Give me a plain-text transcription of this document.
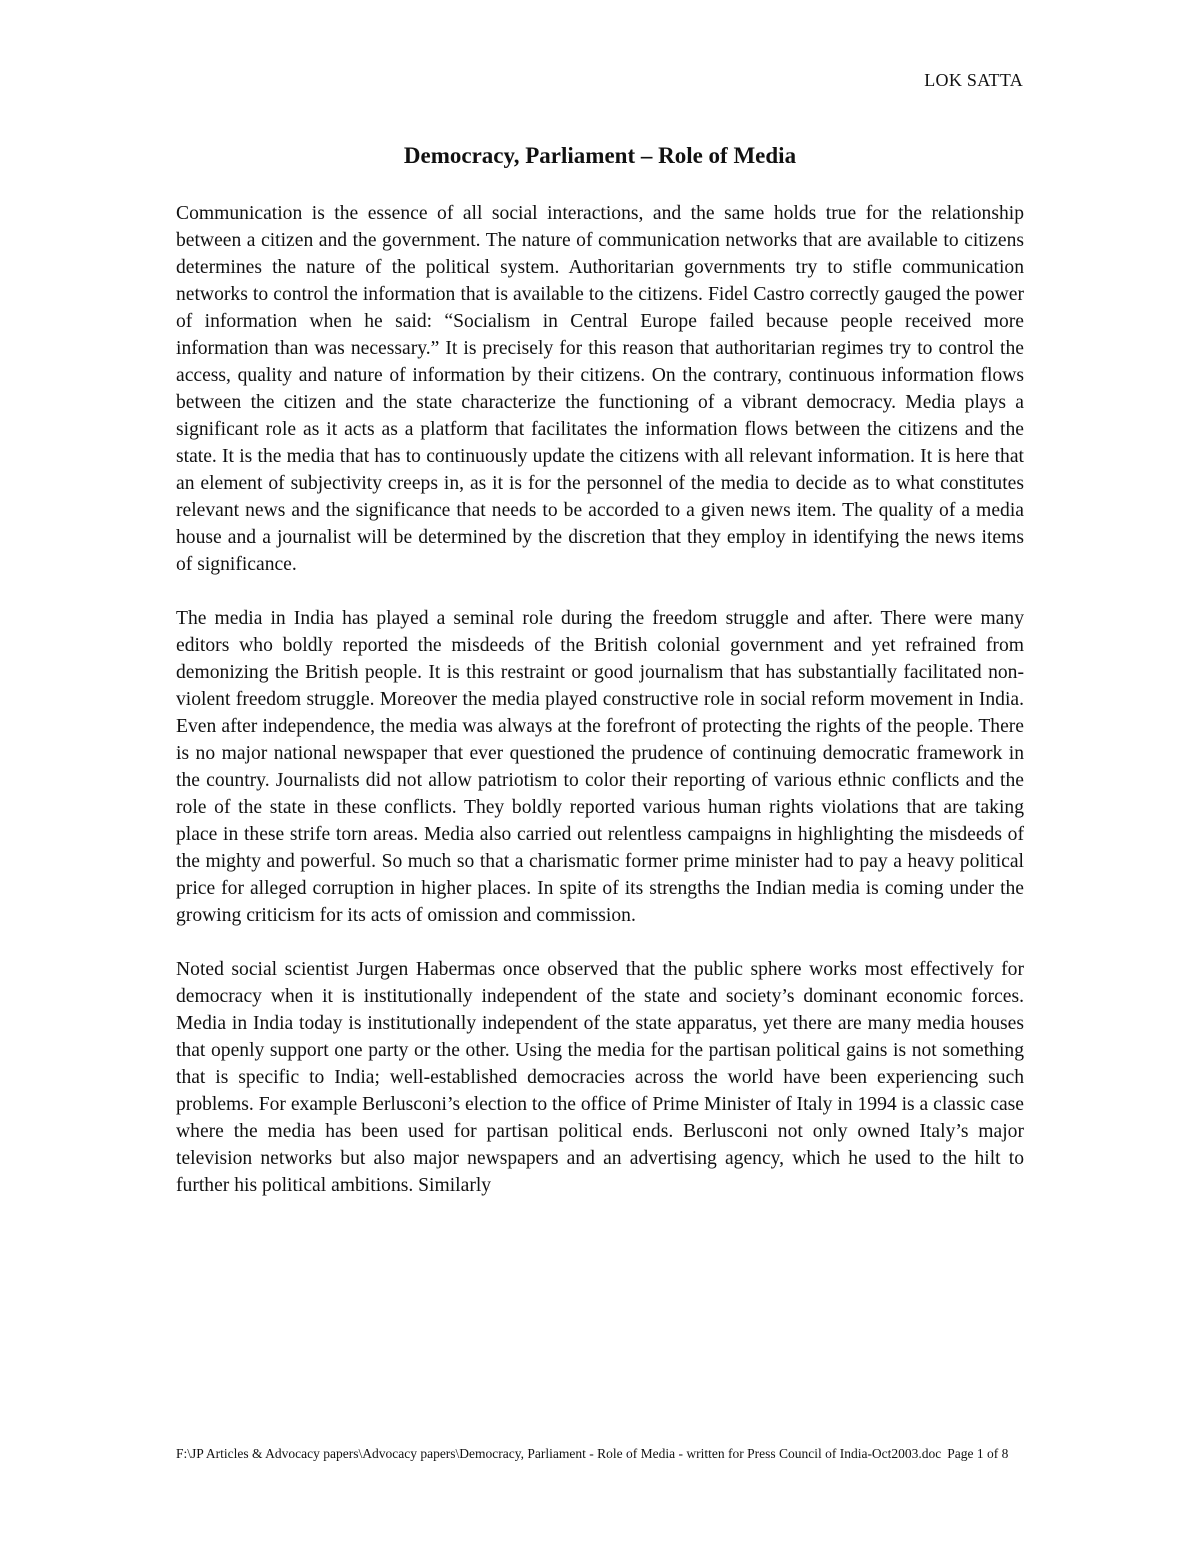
LOK SATTA
Democracy, Parliament – Role of Media

Communication is the essence of all social interactions, and the same holds true for the relationship between a citizen and the government. The nature of communication networks that are available to citizens determines the nature of the political system. Authoritarian governments try to stifle communication networks to control the information that is available to the citizens. Fidel Castro correctly gauged the power of information when he said: “Socialism in Central Europe failed because people received more information than was necessary.” It is precisely for this reason that authoritarian regimes try to control the access, quality and nature of information by their citizens. On the contrary, continuous information flows between the citizen and the state characterize the functioning of a vibrant democracy. Media plays a significant role as it acts as a platform that facilitates the information flows between the citizens and the state. It is the media that has to continuously update the citizens with all relevant information. It is here that an element of subjectivity creeps in, as it is for the personnel of the media to decide as to what constitutes relevant news and the significance that needs to be accorded to a given news item. The quality of a media house and a journalist will be determined by the discretion that they employ in identifying the news items of significance.

The media in India has played a seminal role during the freedom struggle and after. There were many editors who boldly reported the misdeeds of the British colonial government and yet refrained from demonizing the British people. It is this restraint or good journalism that has substantially facilitated non-violent freedom struggle. Moreover the media played constructive role in social reform movement in India. Even after independence, the media was always at the forefront of protecting the rights of the people. There is no major national newspaper that ever questioned the prudence of continuing democratic framework in the country. Journalists did not allow patriotism to color their reporting of various ethnic conflicts and the role of the state in these conflicts. They boldly reported various human rights violations that are taking place in these strife torn areas. Media also carried out relentless campaigns in highlighting the misdeeds of the mighty and powerful. So much so that a charismatic former prime minister had to pay a heavy political price for alleged corruption in higher places. In spite of its strengths the Indian media is coming under the growing criticism for its acts of omission and commission.

Noted social scientist Jurgen Habermas once observed that the public sphere works most effectively for democracy when it is institutionally independent of the state and society’s dominant economic forces. Media in India today is institutionally independent of the state apparatus, yet there are many media houses that openly support one party or the other. Using the media for the partisan political gains is not something that is specific to India; well-established democracies across the world have been experiencing such problems. For example Berlusconi’s election to the office of Prime Minister of Italy in 1994 is a classic case where the media has been used for partisan political ends. Berlusconi not only owned Italy’s major television networks but also major newspapers and an advertising agency, which he used to the hilt to further his political ambitions. Similarly

F:\JP Articles & Advocacy papers\Advocacy papers\Democracy, Parliament - Role of Media - written for Press Council of India-Oct2003.doc Page 1 of 8
